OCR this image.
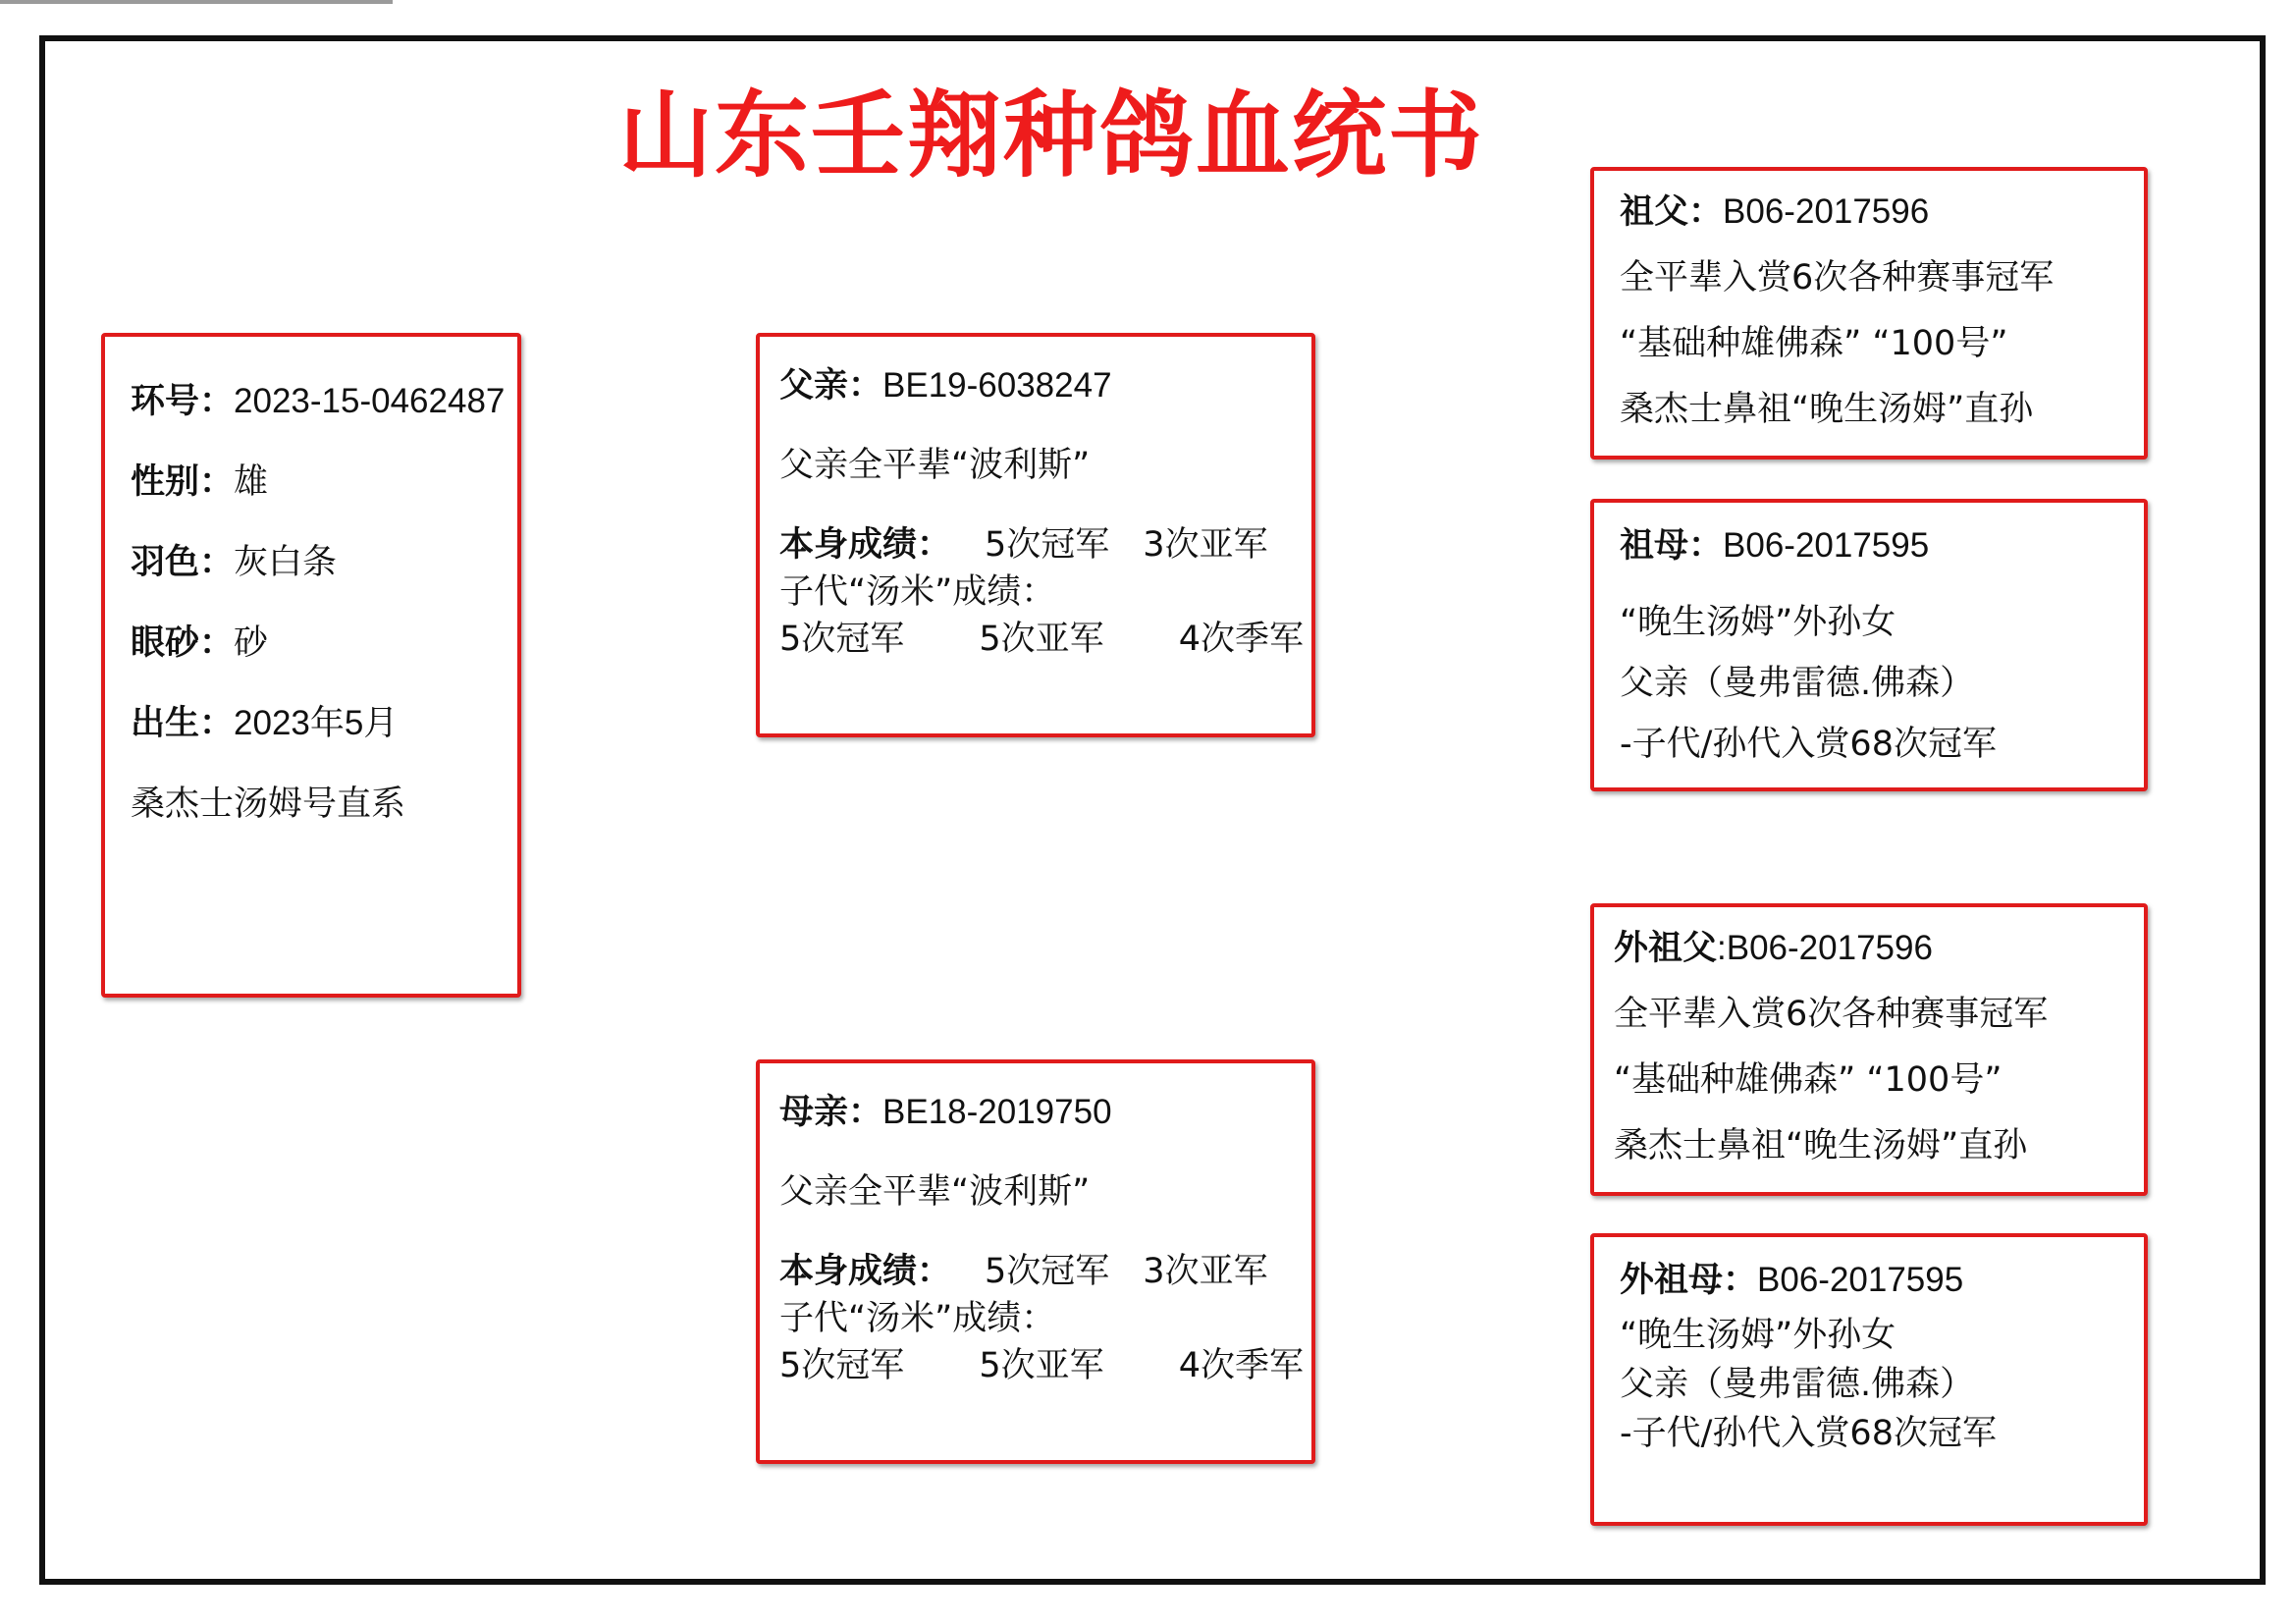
山东壬翔种鸽血统书

环号：2023-15-0462487

性别：雄

羽色：灰白条

眼砂：砂

出生：2023年5月

桑杰士汤姆号直系

父亲：BE19-6038247

父亲全平辈“波利斯”

本身成绩： 5次冠军 3次亚军

子代“汤米”成绩：

5次冠军 5次亚军 4次季军

母亲：BE18-2019750

父亲全平辈“波利斯”

本身成绩： 5次冠军 3次亚军

子代“汤米”成绩：

5次冠军 5次亚军 4次季军

祖父：B06-2017596

全平辈入赏6次各种赛事冠军

“基础种雄佛森” “100号”

桑杰士鼻祖“晚生汤姆”直孙

祖母：B06-2017595

“晚生汤姆”外孙女

父亲（曼弗雷德.佛森）

-子代/孙代入赏68次冠军

外祖父:B06-2017596

全平辈入赏6次各种赛事冠军

“基础种雄佛森” “100号”

桑杰士鼻祖“晚生汤姆”直孙

外祖母：B06-2017595

“晚生汤姆”外孙女

父亲（曼弗雷德.佛森）

-子代/孙代入赏68次冠军
